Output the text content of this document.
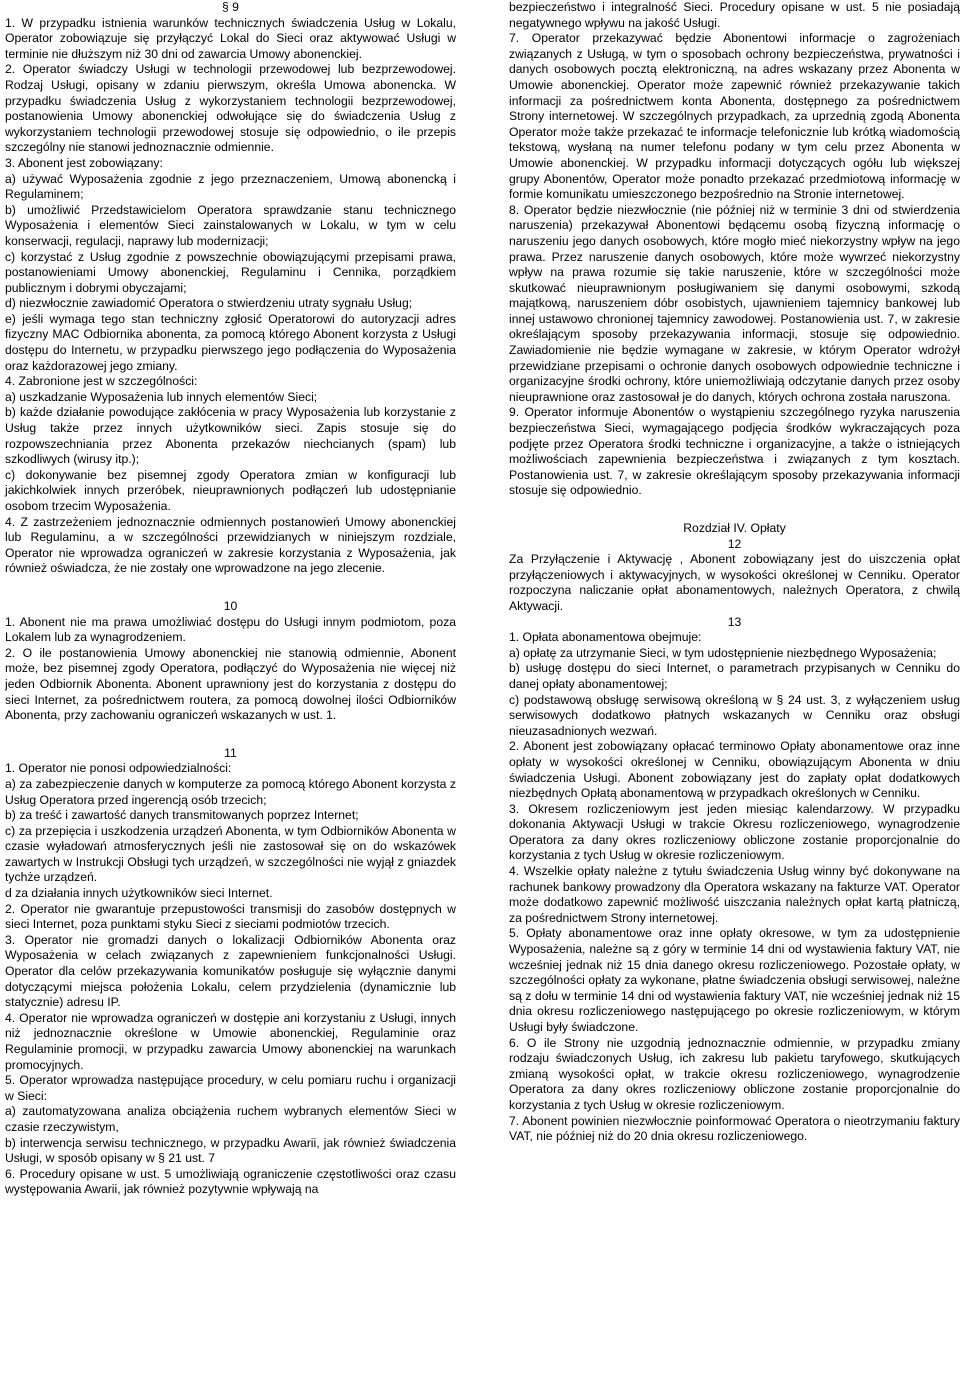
§ 9

1. W przypadku istnienia warunków technicznych świadczenia Usług w Lokalu, Operator zobowiązuje się przyłączyć Lokal do Sieci oraz aktywować Usługi w terminie nie dłuższym niż 30 dni od zawarcia Umowy abonenckiej.

2. Operator świadczy Usługi w technologii przewodowej lub bezprzewodowej. Rodzaj Usługi, opisany w zdaniu pierwszym, określa Umowa abonencka. W przypadku świadczenia Usług z wykorzystaniem technologii bezprzewodowej, postanowienia Umowy abonenckiej odwołujące się do świadczenia Usług z wykorzystaniem technologii przewodowej stosuje się odpowiednio, o ile przepis szczególny nie stanowi jednoznacznie odmiennie.

3. Abonent jest zobowiązany:

a) używać Wyposażenia zgodnie z jego przeznaczeniem, Umową abonencką i Regulaminem;

b) umożliwić Przedstawicielom Operatora sprawdzanie stanu technicznego Wyposażenia i elementów Sieci zainstalowanych w Lokalu, w tym w celu konserwacji, regulacji, naprawy lub modernizacji;

c) korzystać z Usług zgodnie z powszechnie obowiązującymi przepisami prawa, postanowieniami Umowy abonenckiej, Regulaminu i Cennika, porządkiem publicznym i dobrymi obyczajami;

d) niezwłocznie zawiadomić Operatora o stwierdzeniu utraty sygnału Usług;

e) jeśli wymaga tego stan techniczny zgłosić Operatorowi do autoryzacji adres fizyczny MAC Odbiornika abonenta, za pomocą którego Abonent korzysta z Usługi dostępu do Internetu, w przypadku pierwszego jego podłączenia do Wyposażenia oraz każdorazowej jego zmiany.

4. Zabronione jest w szczególności:

a) uszkadzanie Wyposażenia lub innych elementów Sieci;

b) każde działanie powodujące zakłócenia w pracy Wyposażenia lub korzystanie z Usług także przez innych użytkowników sieci. Zapis stosuje się do rozpowszechniania przez Abonenta przekazów niechcianych (spam) lub szkodliwych (wirusy itp.);

c) dokonywanie bez pisemnej zgody Operatora zmian w konfiguracji lub jakichkolwiek innych przeróbek, nieuprawnionych podłączeń lub udostępnianie osobom trzecim Wyposażenia.

4. Z zastrzeżeniem jednoznacznie odmiennych postanowień Umowy abonenckiej lub Regulaminu, a w szczególności przewidzianych w niniejszym rozdziale, Operator nie wprowadza ograniczeń w zakresie korzystania z Wyposażenia, jak również oświadcza, że nie zostały one wprowadzone na jego zlecenie.

10

1. Abonent nie ma prawa umożliwiać dostępu do Usługi innym podmiotom, poza Lokalem lub za wynagrodzeniem.

2. O ile postanowienia Umowy abonenckiej nie stanowią odmiennie, Abonent może, bez pisemnej zgody Operatora, podłączyć do Wyposażenia nie więcej niż jeden Odbiornik Abonenta. Abonent uprawniony jest do korzystania z dostępu do sieci Internet, za pośrednictwem routera, za pomocą dowolnej ilości Odbiorników Abonenta, przy zachowaniu ograniczeń wskazanych w ust. 1.

11

1. Operator nie ponosi odpowiedzialności:

a) za zabezpieczenie danych w komputerze za pomocą którego Abonent korzysta z Usług Operatora przed ingerencją osób trzecich;

b) za treść i zawartość danych transmitowanych poprzez Internet;

c) za przepięcia i uszkodzenia urządzeń Abonenta, w tym Odbiorników Abonenta w czasie wyładowań atmosferycznych jeśli nie zastosował się on do wskazówek zawartych w Instrukcji Obsługi tych urządzeń, w szczególności nie wyjął z gniazdek tychże urządzeń.

d za działania innych użytkowników sieci Internet.

2. Operator nie gwarantuje przepustowości transmisji do zasobów dostępnych w sieci Internet, poza punktami styku Sieci z sieciami podmiotów trzecich.

3. Operator nie gromadzi danych o lokalizacji Odbiorników Abonenta oraz Wyposażenia w celach związanych z zapewnieniem funkcjonalności Usługi. Operator dla celów przekazywania komunikatów posługuje się wyłącznie danymi dotyczącymi miejsca położenia Lokalu, celem przydzielenia (dynamicznie lub statycznie) adresu IP.

4. Operator nie wprowadza ograniczeń w dostępie ani korzystaniu z Usługi, innych niż jednoznacznie określone w Umowie abonenckiej, Regulaminie oraz Regulaminie promocji, w przypadku zawarcia Umowy abonenckiej na warunkach promocyjnych.

5. Operator wprowadza następujące procedury, w celu pomiaru ruchu i organizacji w Sieci:

a) zautomatyzowana analiza obciążenia ruchem wybranych elementów Sieci w czasie rzeczywistym,

b) interwencja serwisu technicznego, w przypadku Awarii, jak również świadczenia Usługi, w sposób opisany w § 21 ust. 7

6. Procedury opisane w ust. 5 umożliwiają ograniczenie częstotliwości oraz czasu występowania Awarii, jak również pozytywnie wpływają na

bezpieczeństwo i integralność Sieci. Procedury opisane w ust. 5 nie posiadają negatywnego wpływu na jakość Usługi.

7. Operator przekazywać będzie Abonentowi informacje o zagrożeniach związanych z Usługą, w tym o sposobach ochrony bezpieczeństwa, prywatności i danych osobowych pocztą elektroniczną, na adres wskazany przez Abonenta w Umowie abonenckiej. Operator może zapewnić również przekazywanie takich informacji za pośrednictwem konta Abonenta, dostępnego za pośrednictwem Strony internetowej. W szczególnych przypadkach, za uprzednią zgodą Abonenta Operator może także przekazać te informacje telefonicznie lub krótką wiadomością tekstową, wysłaną na numer telefonu podany w tym celu przez Abonenta w Umowie abonenckiej. W przypadku informacji dotyczących ogółu lub większej grupy Abonentów, Operator może ponadto przekazać przedmiotową informację w formie komunikatu umieszczonego bezpośrednio na Stronie internetowej.

8. Operator będzie niezwłocznie (nie później niż w terminie 3 dni od stwierdzenia naruszenia) przekazywał Abonentowi będącemu osobą fizyczną informację o naruszeniu jego danych osobowych, które mogło mieć niekorzystny wpływ na jego prawa. Przez naruszenie danych osobowych, które może wywrzeć niekorzystny wpływ na prawa rozumie się takie naruszenie, które w szczególności może skutkować nieuprawnionym posługiwaniem się danymi osobowymi, szkodą majątkową, naruszeniem dóbr osobistych, ujawnieniem tajemnicy bankowej lub innej ustawowo chronionej tajemnicy zawodowej. Postanowienia ust. 7, w zakresie określającym sposoby przekazywania informacji, stosuje się odpowiednio. Zawiadomienie nie będzie wymagane w zakresie, w którym Operator wdrożył przewidziane przepisami o ochronie danych osobowych odpowiednie techniczne i organizacyjne środki ochrony, które uniemożliwiają odczytanie danych przez osoby nieuprawnione oraz zastosował je do danych, których ochrona została naruszona.

9. Operator informuje Abonentów o wystąpieniu szczególnego ryzyka naruszenia bezpieczeństwa Sieci, wymagającego podjęcia środków wykraczających poza podjęte przez Operatora środki techniczne i organizacyjne, a także o istniejących możliwościach zapewnienia bezpieczeństwa i związanych z tym kosztach. Postanowienia ust. 7, w zakresie określającym sposoby przekazywania informacji stosuje się odpowiednio.

Rozdział IV. Opłaty
12

Za Przyłączenie i Aktywację , Abonent zobowiązany jest do uiszczenia opłat przyłączeniowych i aktywacyjnych, w wysokości określonej w Cenniku. Operator rozpoczyna naliczanie opłat abonamentowych, należnych Operatora, z chwilą Aktywacji.

13

1. Opłata abonamentowa obejmuje:

a) opłatę za utrzymanie Sieci, w tym udostępnienie niezbędnego Wyposażenia;

b) usługę dostępu do sieci Internet, o parametrach przypisanych w Cenniku do danej opłaty abonamentowej;

c) podstawową obsługę serwisową określoną w § 24 ust. 3, z wyłączeniem usług serwisowych dodatkowo płatnych wskazanych w Cenniku oraz obsługi nieuzasadnionych wezwań.

2. Abonent jest zobowiązany opłacać terminowo Opłaty abonamentowe oraz inne opłaty w wysokości określonej w Cenniku, obowiązującym Abonenta w dniu świadczenia Usługi. Abonent zobowiązany jest do zapłaty opłat dodatkowych niezbędnych Opłatą abonamentową w przypadkach określonych w Cenniku.

3. Okresem rozliczeniowym jest jeden miesiąc kalendarzowy. W przypadku dokonania Aktywacji Usługi w trakcie Okresu rozliczeniowego, wynagrodzenie Operatora za dany okres rozliczeniowy obliczone zostanie proporcjonalnie do korzystania z tych Usług w okresie rozliczeniowym.

4. Wszelkie opłaty należne z tytułu świadczenia Usług winny być dokonywane na rachunek bankowy prowadzony dla Operatora wskazany na fakturze VAT. Operator może dodatkowo zapewnić możliwość uiszczania należnych opłat kartą płatniczą, za pośrednictwem Strony internetowej.

5. Opłaty abonamentowe oraz inne opłaty okresowe, w tym za udostępnienie Wyposażenia, należne są z góry w terminie 14 dni od wystawienia faktury VAT, nie wcześniej jednak niż 15 dnia danego okresu rozliczeniowego. Pozostałe opłaty, w szczególności opłaty za wykonane, płatne świadczenia obsługi serwisowej, należne są z dołu w terminie 14 dni od wystawienia faktury VAT, nie wcześniej jednak niż 15 dnia okresu rozliczeniowego następującego po okresie rozliczeniowym, w którym Usługi były świadczone.

6. O ile Strony nie uzgodnią jednoznacznie odmiennie, w przypadku zmiany rodzaju świadczonych Usług, ich zakresu lub pakietu taryfowego, skutkujących zmianą wysokości opłat, w trakcie okresu rozliczeniowego, wynagrodzenie Operatora za dany okres rozliczeniowy obliczone zostanie proporcjonalnie do korzystania z tych Usług w okresie rozliczeniowym.

7. Abonent powinien niezwłocznie poinformować Operatora o nieotrzymaniu faktury VAT, nie później niż do 20 dnia okresu rozliczeniowego.
